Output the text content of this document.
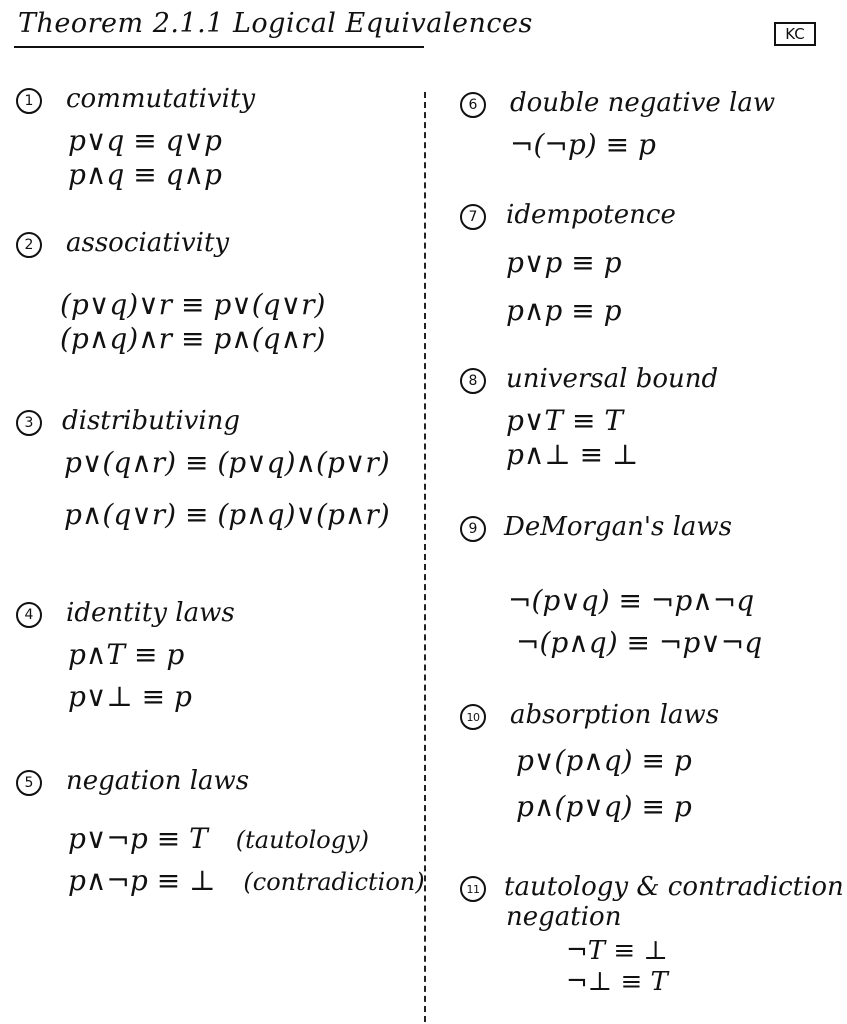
Theorem 2.1.1 Logical Equivalences	KC
1	commutativity
p∨q ≡ q∨p
p∧q ≡ q∧p
2	associativity
(p∨q)∨r ≡ p∨(q∨r)
(p∧q)∧r ≡ p∧(q∧r)
3	distributiving
p∨(q∧r) ≡ (p∨q)∧(p∨r)
p∧(q∨r) ≡ (p∧q)∨(p∧r)
4	identity laws
p∧T ≡ p
p∨⊥ ≡ p
5	negation laws
p∨¬p ≡ T (tautology)
p∧¬p ≡ ⊥ (contradiction)
6	double negative law
¬(¬p) ≡ p
7	idempotence
p∨p ≡ p
p∧p ≡ p
8	universal bound
p∨T ≡ T
p∧⊥ ≡ ⊥
9	DeMorgan's laws
¬(p∨q) ≡ ¬p∧¬q
¬(p∧q) ≡ ¬p∨¬q
10 absorption laws
p∨(p∧q) ≡ p
p∧(p∨q) ≡ p
11 tautology & contradiction
negation
¬T ≡ ⊥
¬⊥ ≡ T
